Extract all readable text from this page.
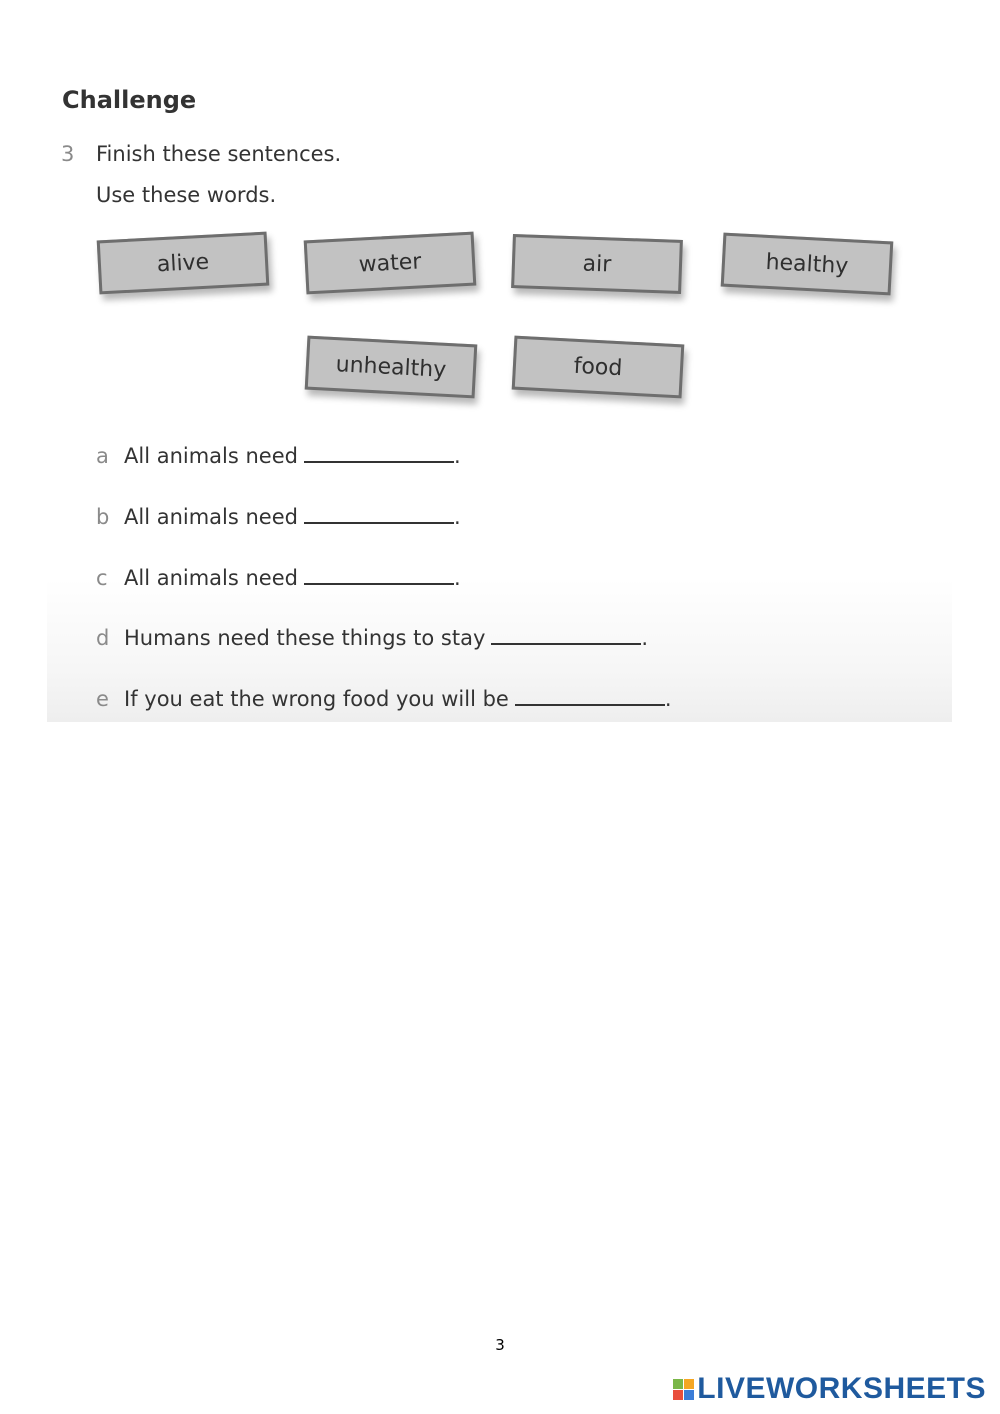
Challenge
3 Finish these sentences.
Use these words.
alive	water	air	healthy
unhealthy	food
a All animals need	.
b All animals need	.
c All animals need	.
d Humans need these things to stay	.
e If you eat the wrong food you will be	.
3
LIVEWORKSHEETS
